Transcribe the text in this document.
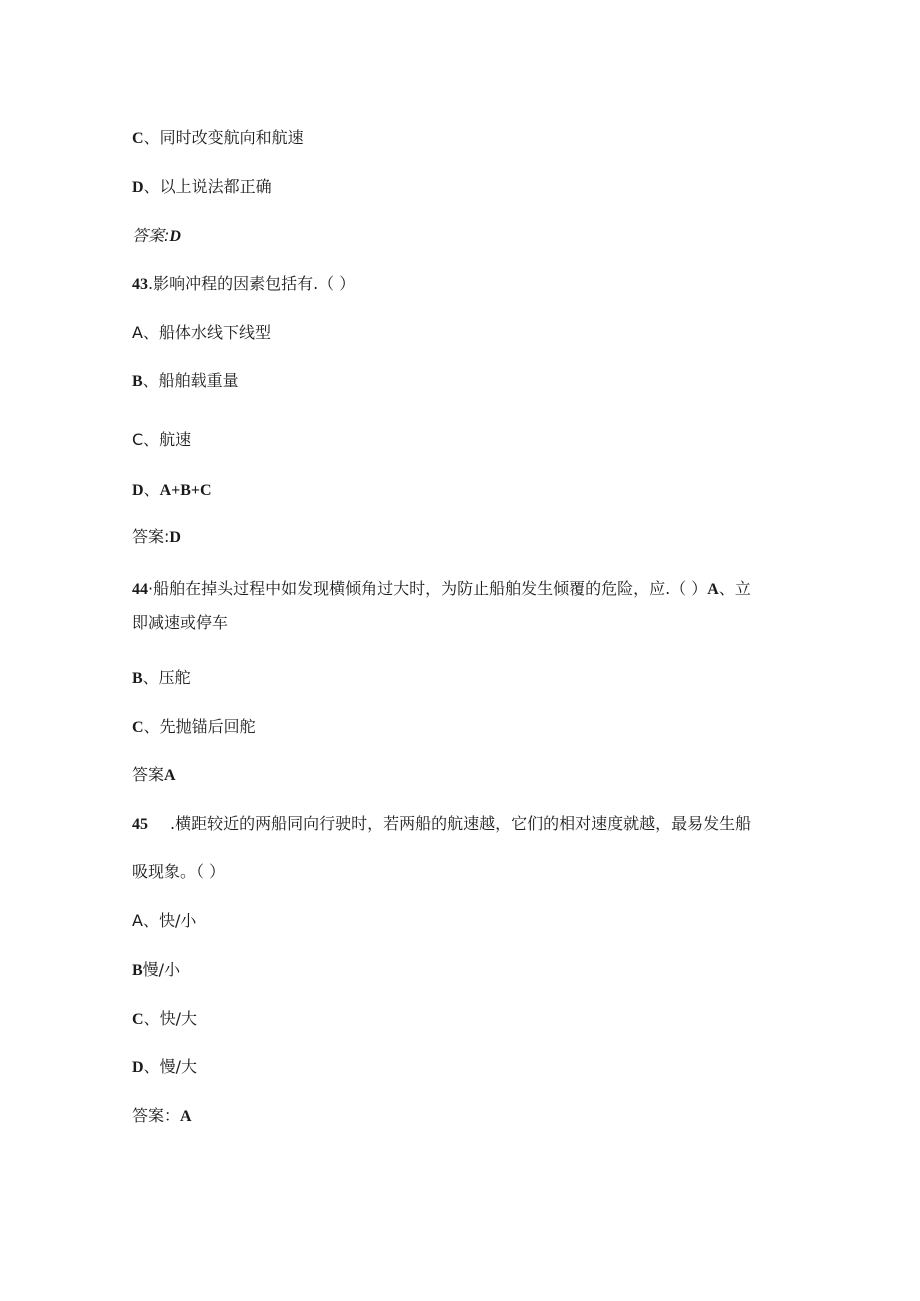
C、同时改变航向和航速
D、以上说法都正确
答案:D
43.影响冲程的因素包括有.（ ）
A、船体水线下线型
B、船舶载重量
C、航速
D、A+B+C
答案:D
44·船舶在掉头过程中如发现横倾角过大时，为防止船舶发生倾覆的危险，应.（ ）A、立
即减速或停车
B、压舵
C、先抛锚后回舵
答案A
45 .横距较近的两船同向行驶时，若两船的航速越，它们的相对速度就越，最易发生船
吸现象。（ ）
A、快/小
B慢/小
C、快/大
D、慢/大
答案：A
